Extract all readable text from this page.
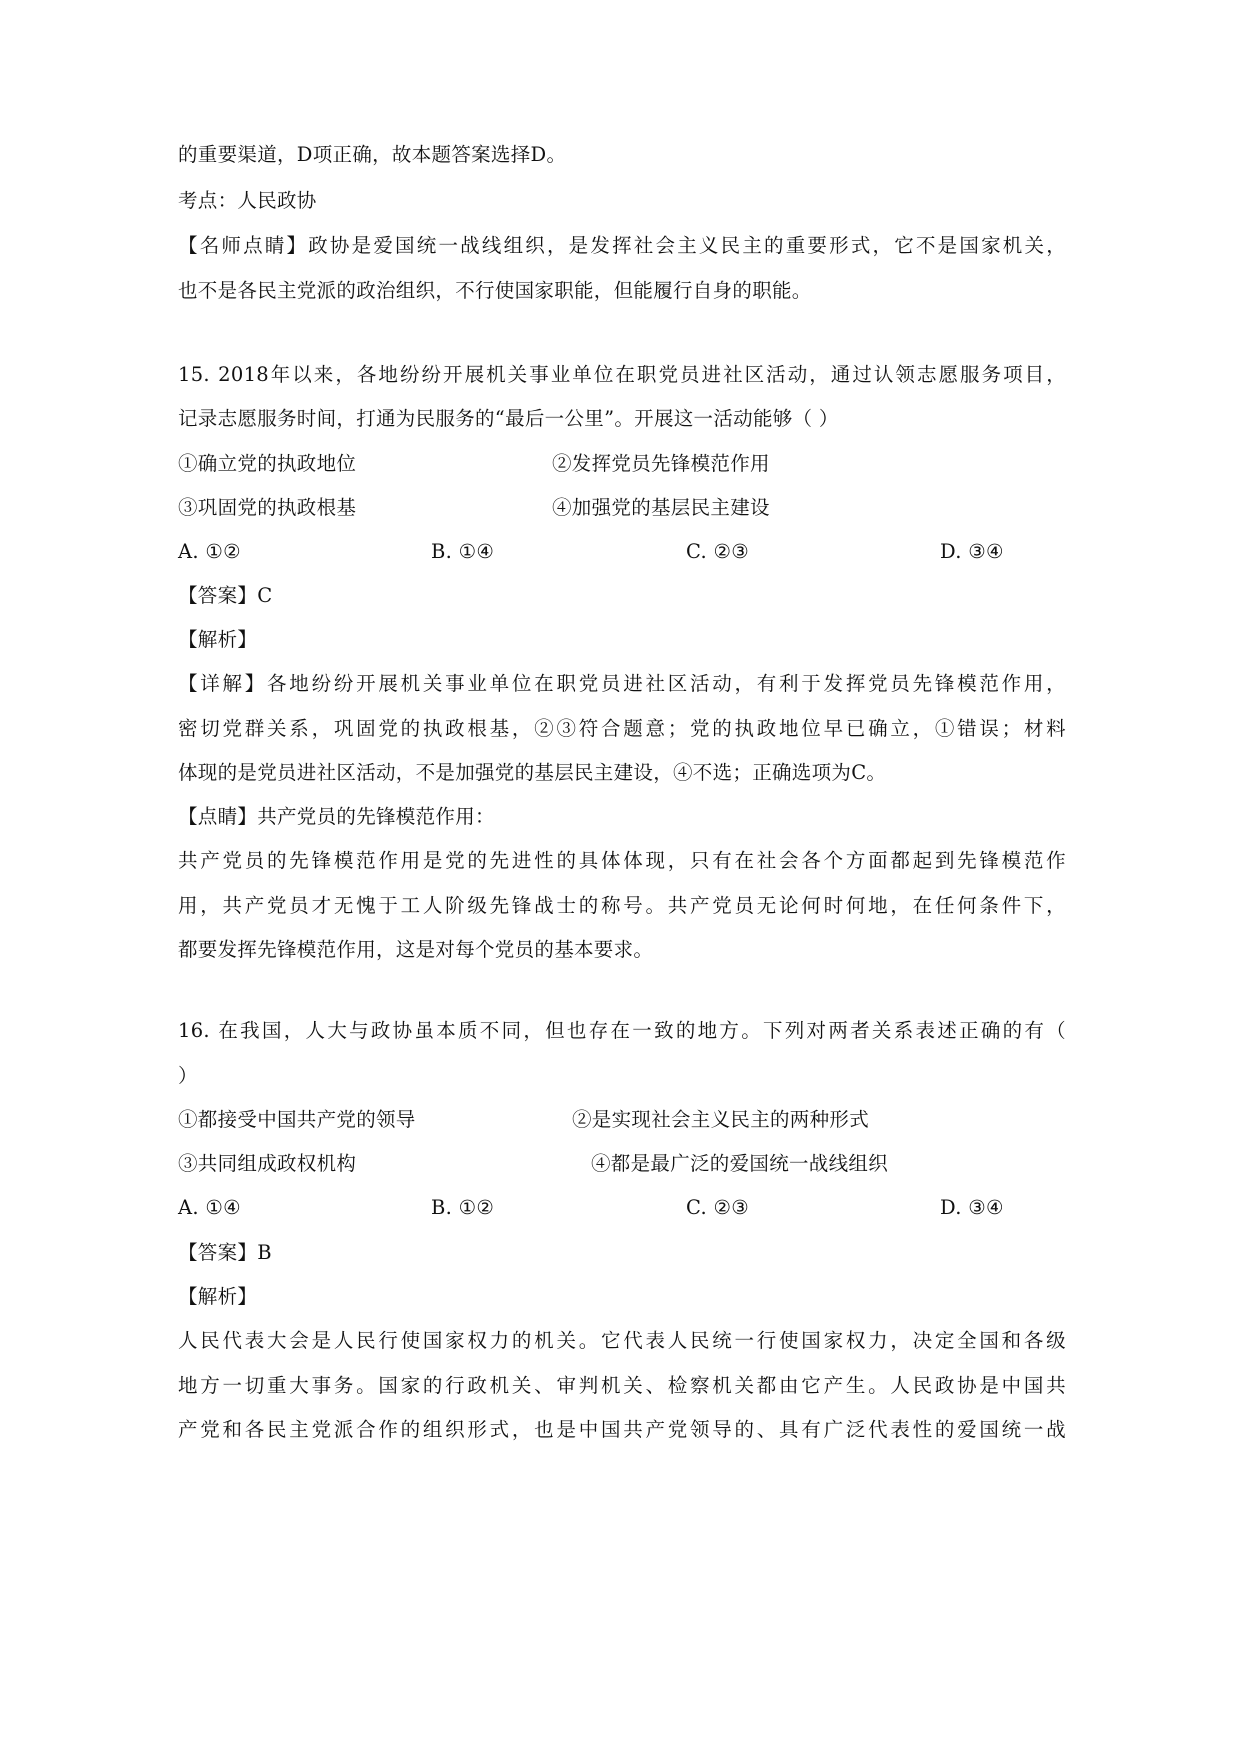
的重要渠道，D项正确，故本题答案选择D。
考点：人民政协
【名师点睛】政协是爱国统一战线组织，是发挥社会主义民主的重要形式，它不是国家机关，
也不是各民主党派的政治组织，不行使国家职能，但能履行自身的职能。
15. 2018年以来，各地纷纷开展机关事业单位在职党员进社区活动，通过认领志愿服务项目，
记录志愿服务时间，打通为民服务的“最后一公里”。开展这一活动能够（ ）
①确立党的执政地位	②发挥党员先锋模范作用
③巩固党的执政根基	④加强党的基层民主建设
A. ①②	B. ①④	C. ②③	D. ③④
【答案】C
【解析】
【详解】各地纷纷开展机关事业单位在职党员进社区活动，有利于发挥党员先锋模范作用，
密切党群关系，巩固党的执政根基，②③符合题意；党的执政地位早已确立，①错误；材料
体现的是党员进社区活动，不是加强党的基层民主建设，④不选；正确选项为C。
【点睛】共产党员的先锋模范作用：
共产党员的先锋模范作用是党的先进性的具体体现，只有在社会各个方面都起到先锋模范作
用，共产党员才无愧于工人阶级先锋战士的称号。共产党员无论何时何地，在任何条件下，
都要发挥先锋模范作用，这是对每个党员的基本要求。
16. 在我国，人大与政协虽本质不同，但也存在一致的地方。下列对两者关系表述正确的有（
）
①都接受中国共产党的领导	②是实现社会主义民主的两种形式
③共同组成政权机构	④都是最广泛的爱国统一战线组织
A. ①④	B. ①②	C. ②③	D. ③④
【答案】B
【解析】
人民代表大会是人民行使国家权力的机关。它代表人民统一行使国家权力，决定全国和各级
地方一切重大事务。国家的行政机关、审判机关、检察机关都由它产生。人民政协是中国共
产党和各民主党派合作的组织形式，也是中国共产党领导的、具有广泛代表性的爱国统一战
